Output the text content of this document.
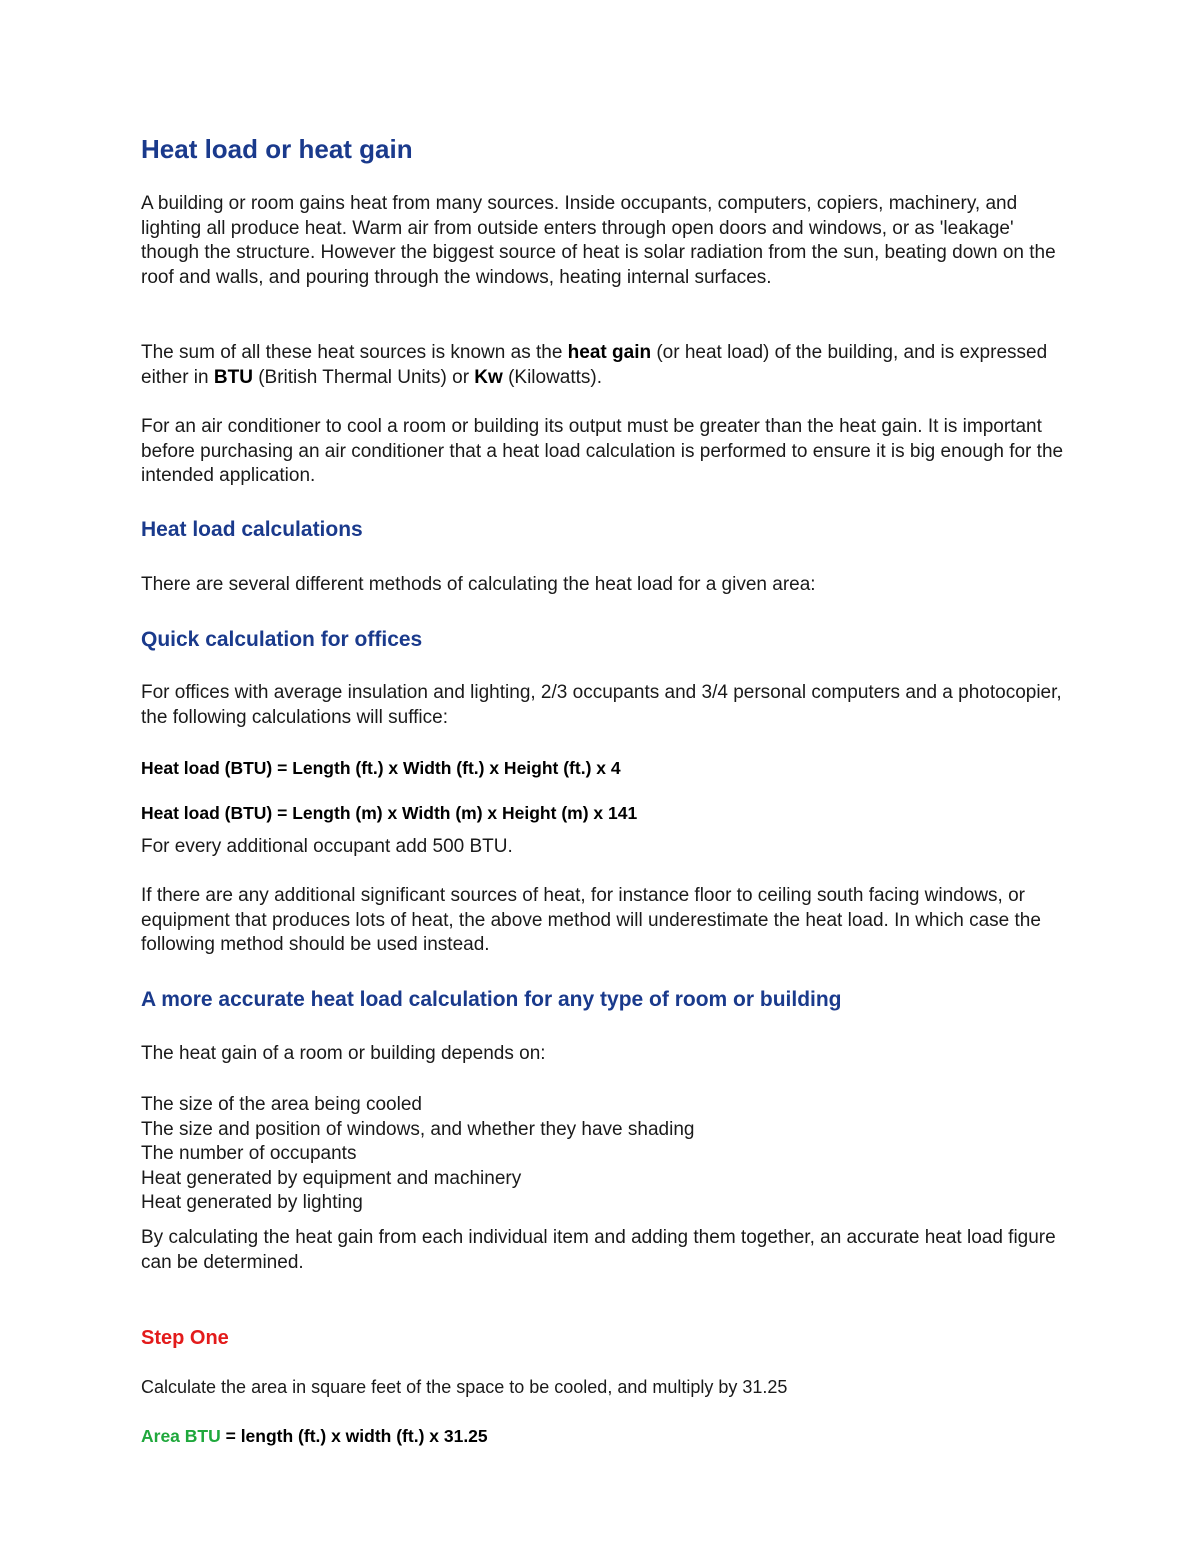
Heat load or heat gain

A building or room gains heat from many sources. Inside occupants, computers, copiers, machinery, and lighting all produce heat. Warm air from outside enters through open doors and windows, or as 'leakage' though the structure. However the biggest source of heat is solar radiation from the sun, beating down on the roof and walls, and pouring through the windows, heating internal surfaces.

The sum of all these heat sources is known as the heat gain (or heat load) of the building, and is expressed either in BTU (British Thermal Units) or Kw (Kilowatts).

For an air conditioner to cool a room or building its output must be greater than the heat gain. It is important before purchasing an air conditioner that a heat load calculation is performed to ensure it is big enough for the intended application.

Heat load calculations

There are several different methods of calculating the heat load for a given area:

Quick calculation for offices

For offices with average insulation and lighting, 2/3 occupants and 3/4 personal computers and a photocopier, the following calculations will suffice:

Heat load (BTU) = Length (ft.) x Width (ft.) x Height (ft.) x 4

Heat load (BTU) = Length (m) x Width (m) x Height (m) x 141

For every additional occupant add 500 BTU.

If there are any additional significant sources of heat, for instance floor to ceiling south facing windows, or equipment that produces lots of heat, the above method will underestimate the heat load. In which case the following method should be used instead.

A more accurate heat load calculation for any type of room or building

The heat gain of a room or building depends on:

The size of the area being cooled
The size and position of windows, and whether they have shading
The number of occupants
Heat generated by equipment and machinery
Heat generated by lighting

By calculating the heat gain from each individual item and adding them together, an accurate heat load figure can be determined.

Step One

Calculate the area in square feet of the space to be cooled, and multiply by 31.25

Area BTU = length (ft.) x width (ft.) x 31.25
